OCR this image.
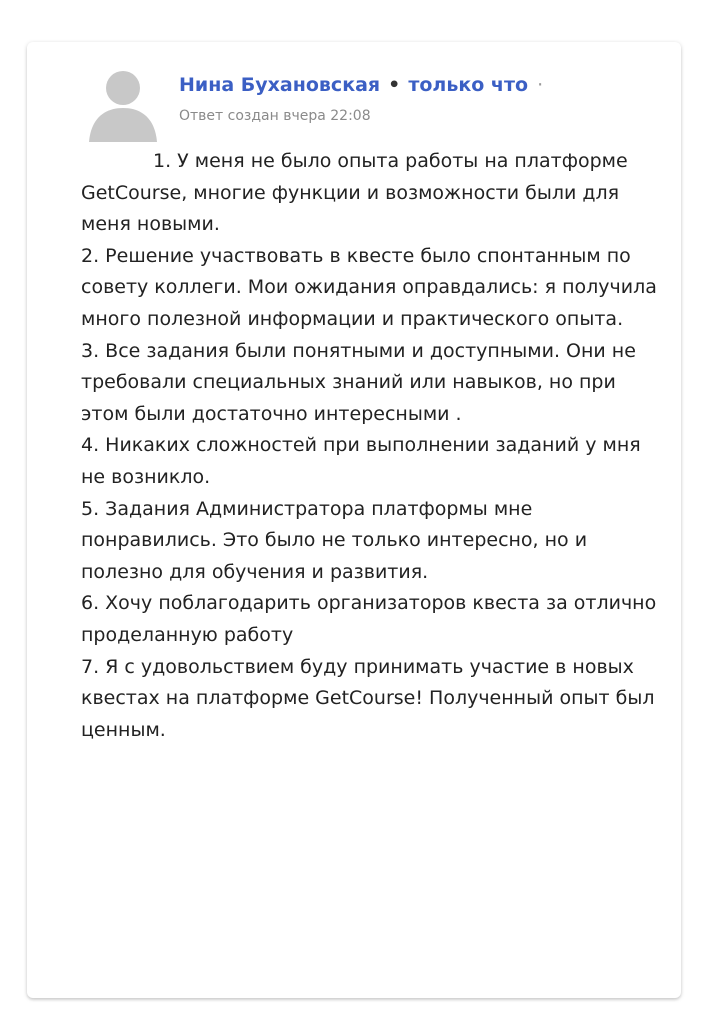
Нина Бухановская • только что ·
Ответ создан вчера 22:08

1. У меня не было опыта работы на платформе GetCourse, многие функции и возможности были для меня новыми.

2. Решение участвовать в квесте было спонтанным по совету коллеги. Мои ожидания оправдались: я получила много полезной информации и практического опыта.

3. Все задания были понятными и доступными. Они не требовали специальных знаний или навыков, но при этом были достаточно интересными .

4. Никаких сложностей при выполнении заданий у мня не возникло.

5. Задания Администратора платформы мне понравились. Это было не только интересно, но и полезно для обучения и развития.

6. Хочу поблагодарить организаторов квеста за отлично проделанную работу

7. Я с удовольствием буду принимать участие в новых квестах на платформе GetCourse! Полученный опыт был ценным.
